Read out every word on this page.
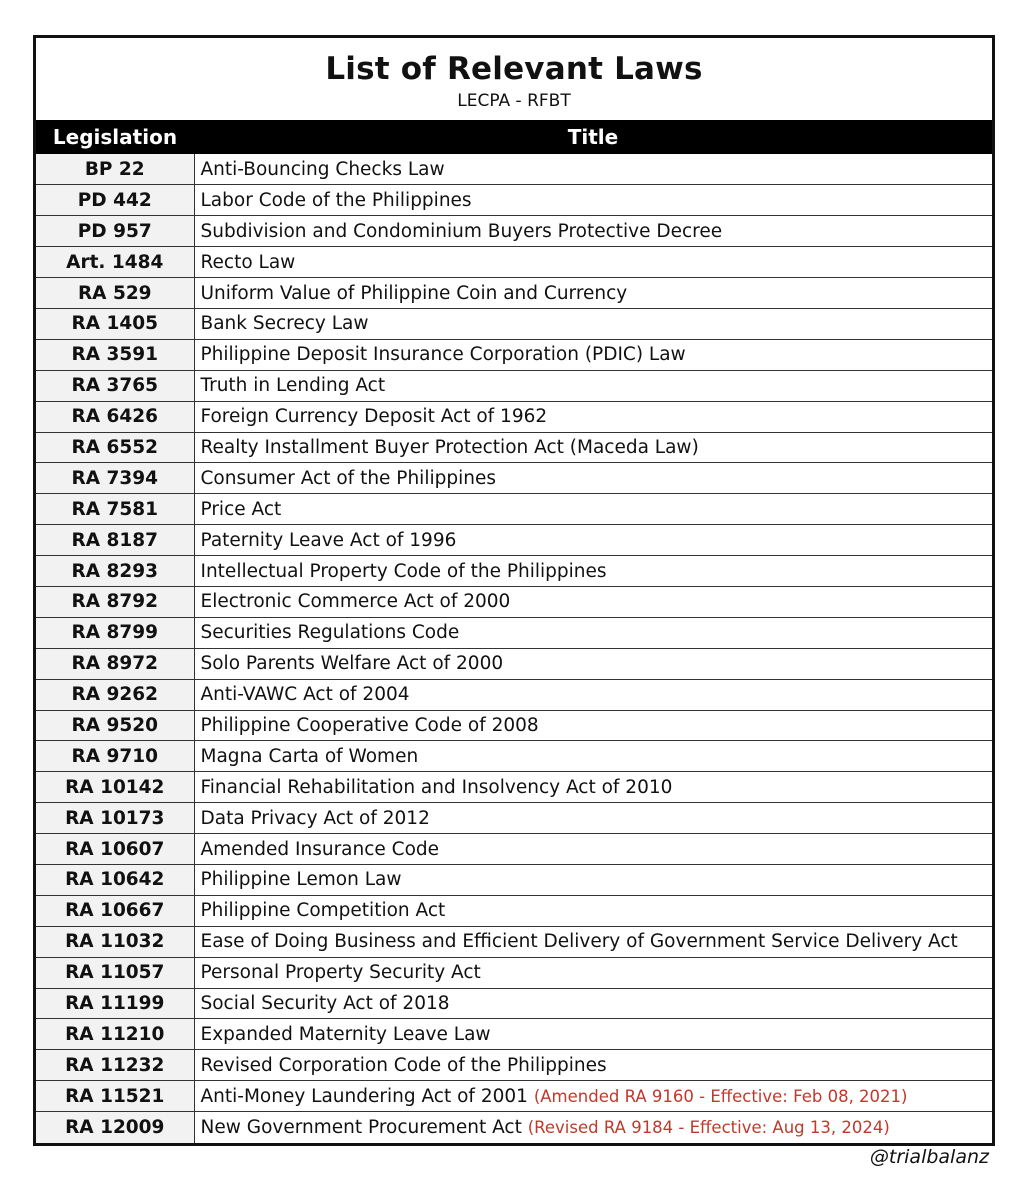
List of Relevant Laws
LECPA - RFBT
Legislation	Title
BP 22	Anti-Bouncing Checks Law
PD 442	Labor Code of the Philippines
PD 957	Subdivision and Condominium Buyers Protective Decree
Art. 1484	Recto Law
RA 529	Uniform Value of Philippine Coin and Currency
RA 1405	Bank Secrecy Law
RA 3591	Philippine Deposit Insurance Corporation (PDIC) Law
RA 3765	Truth in Lending Act
RA 6426	Foreign Currency Deposit Act of 1962
RA 6552	Realty Installment Buyer Protection Act (Maceda Law)
RA 7394	Consumer Act of the Philippines
RA 7581	Price Act
RA 8187	Paternity Leave Act of 1996
RA 8293	Intellectual Property Code of the Philippines
RA 8792	Electronic Commerce Act of 2000
RA 8799	Securities Regulations Code
RA 8972	Solo Parents Welfare Act of 2000
RA 9262	Anti-VAWC Act of 2004
RA 9520	Philippine Cooperative Code of 2008
RA 9710	Magna Carta of Women
RA 10142	Financial Rehabilitation and Insolvency Act of 2010
RA 10173	Data Privacy Act of 2012
RA 10607	Amended Insurance Code
RA 10642	Philippine Lemon Law
RA 10667	Philippine Competition Act
RA 11032	Ease of Doing Business and Efficient Delivery of Government Service Delivery Act
RA 11057	Personal Property Security Act
RA 11199	Social Security Act of 2018
RA 11210	Expanded Maternity Leave Law
RA 11232	Revised Corporation Code of the Philippines
RA 11521	Anti-Money Laundering Act of 2001 (Amended RA 9160 - Effective: Feb 08, 2021)
RA 12009	New Government Procurement Act (Revised RA 9184 - Effective: Aug 13, 2024)
@trialbalanz
